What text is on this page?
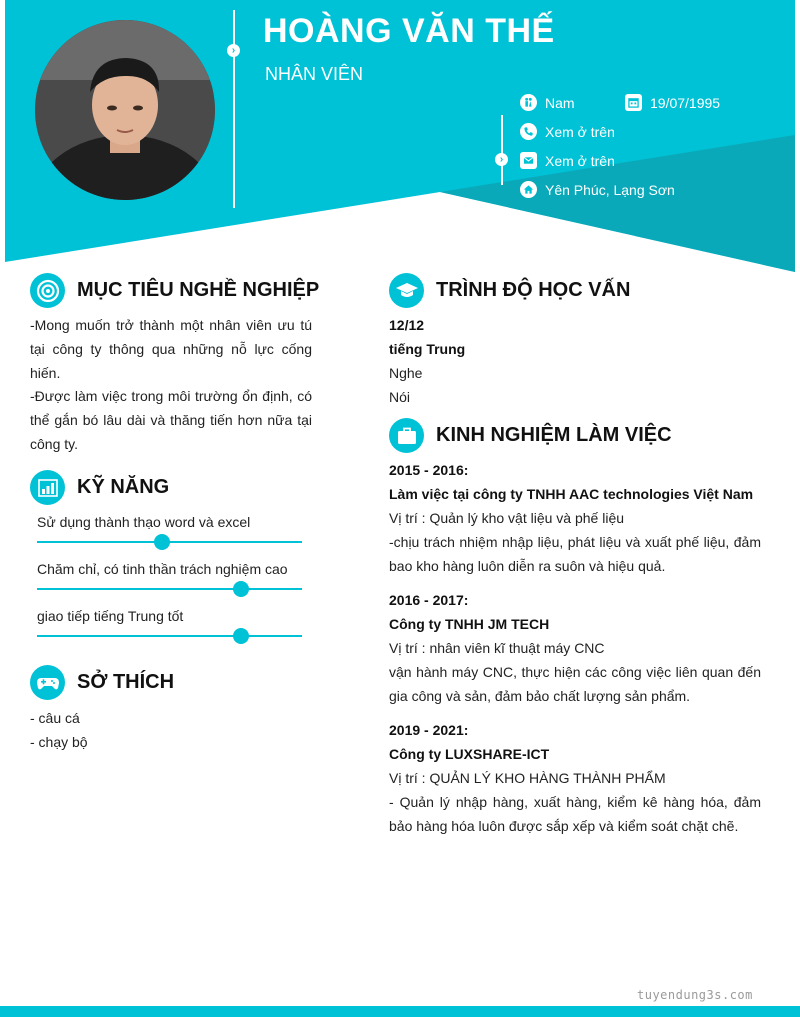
›
›
HOÀNG VĂN THẾ
NHÂN VIÊN
Nam	19/07/1995
Xem ở trên
Xem ở trên
Yên Phúc, Lạng Sơn
MỤC TIÊU NGHỀ NGHIỆP

-Mong muốn trở thành một nhân viên ưu tú tại công ty thông qua những nỗ lực cống hiến.

-Được làm việc trong môi trường ổn định, có thể gắn bó lâu dài và thăng tiến hơn nữa tại công ty.

KỸ NĂNG
Sử dụng thành thạo word và excel
Chăm chỉ, có tinh thần trách nghiệm cao
giao tiếp tiếng Trung tốt
SỞ THÍCH
- câu cá
- chạy bộ
TRÌNH ĐỘ HỌC VẤN
12/12
tiếng Trung
Nghe
Nói
KINH NGHIỆM LÀM VIỆC
2015 - 2016:
Làm việc tại công ty TNHH AAC technologies Việt Nam
Vị trí : Quản lý kho vật liệu và phế liệu

-chịu trách nhiệm nhập liệu, phát liệu và xuất phế liệu, đảm bao kho hàng luôn diễn ra suôn và hiệu quả.

2016 - 2017:
Công ty TNHH JM TECH
Vị trí : nhân viên kĩ thuật máy CNC

vận hành máy CNC, thực hiện các công việc liên quan đến gia công và sản, đảm bảo chất lượng sản phẩm.

2019 - 2021:
Công ty LUXSHARE-ICT
Vị trí : QUẢN LÝ KHO HÀNG THÀNH PHẨM

- Quản lý nhập hàng, xuất hàng, kiểm kê hàng hóa, đảm bảo hàng hóa luôn được sắp xếp và kiểm soát chặt chẽ.

tuyendung3s.com
